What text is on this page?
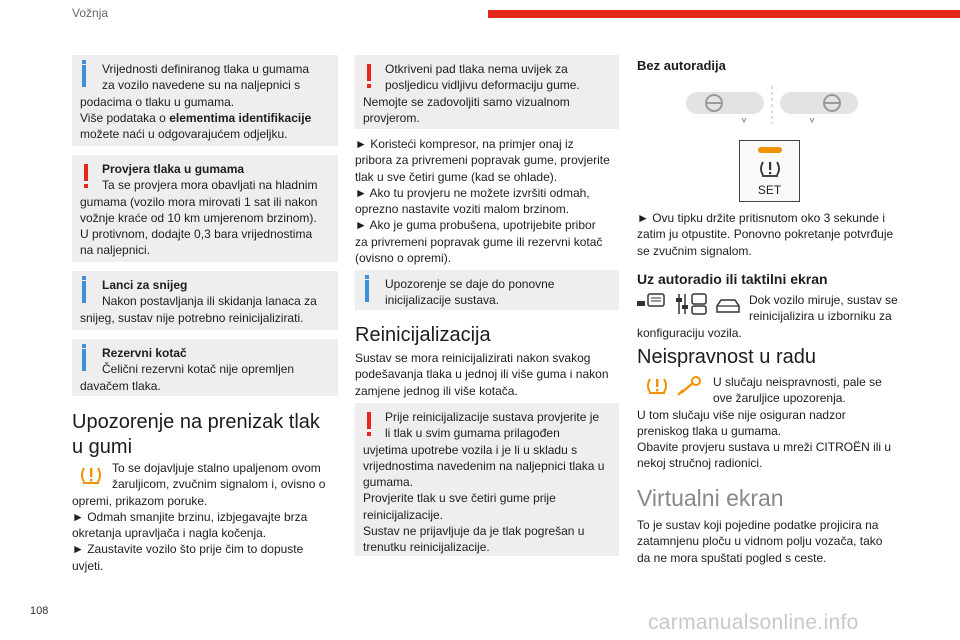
Vožnja
Vrijednosti definiranog tlaka u gumama
za vozilo navedene su na naljepnici s
podacima o tlaku u gumama.
Više podataka o elementima identifikacije
možete naći u odgovarajućem odjeljku.
Provjera tlaka u gumama
Ta se provjera mora obavljati na hladnim
gumama (vozilo mora mirovati 1 sat ili nakon
vožnje kraće od 10 km umjerenom brzinom).
U protivnom, dodajte 0,3 bara vrijednostima
na naljepnici.
Lanci za snijeg
Nakon postavljanja ili skidanja lanaca za
snijeg, sustav nije potrebno reinicijalizirati.
Rezervni kotač
Čelični rezervni kotač nije opremljen
davačem tlaka.
Upozorenje na prenizak tlak
u gumi
To se dojavljuje stalno upaljenom ovom
žaruljicom, zvučnim signalom i, ovisno o
opremi, prikazom poruke.
► Odmah smanjite brzinu, izbjegavajte brza
okretanja upravljača i nagla kočenja.
► Zaustavite vozilo što prije čim to dopuste
uvjeti.
Otkriveni pad tlaka nema uvijek za
posljedicu vidljivu deformaciju gume.
Nemojte se zadovoljiti samo vizualnom
provjerom.
► Koristeći kompresor, na primjer onaj iz
pribora za privremeni popravak gume, provjerite
tlak u sve četiri gume (kad se ohlade).
► Ako tu provjeru ne možete izvršiti odmah,
oprezno nastavite voziti malom brzinom.
► Ako je guma probušena, upotrijebite pribor
za privremeni popravak gume ili rezervni kotač
(ovisno o opremi).
Upozorenje se daje do ponovne
inicijalizacije sustava.
Reinicijalizacija
Sustav se mora reinicijalizirati nakon svakog
podešavanja tlaka u jednoj ili više guma i nakon
zamjene jednog ili više kotača.
Prije reinicijalizacije sustava provjerite je
li tlak u svim gumama prilagođen
uvjetima upotrebe vozila i je li u skladu s
vrijednostima navedenim na naljepnici tlaka u
gumama.
Provjerite tlak u sve četiri gume prije
reinicijalizacije.
Sustav ne prijavljuje da je tlak pogrešan u
trenutku reinicijalizacije.
Bez autoradija
SET
► Ovu tipku držite pritisnutom oko 3 sekunde i
zatim ju otpustite. Ponovno pokretanje potvrđuje
se zvučnim signalom.
Uz autoradio ili taktilni ekran
Dok vozilo miruje, sustav se
reinicijalizira u izborniku za
konfiguraciju vozila.
Neispravnost u radu
U slučaju neispravnosti, pale se
ove žaruljice upozorenja.
U tom slučaju više nije osiguran nadzor
preniskog tlaka u gumama.
Obavite provjeru sustava u mreži CITROËN ili u
nekoj stručnoj radionici.
Virtualni ekran
To je sustav koji pojedine podatke projicira na
zatamnjenu ploču u vidnom polju vozača, tako
da ne mora spuštati pogled s ceste.
108	carmanualsonline.info
